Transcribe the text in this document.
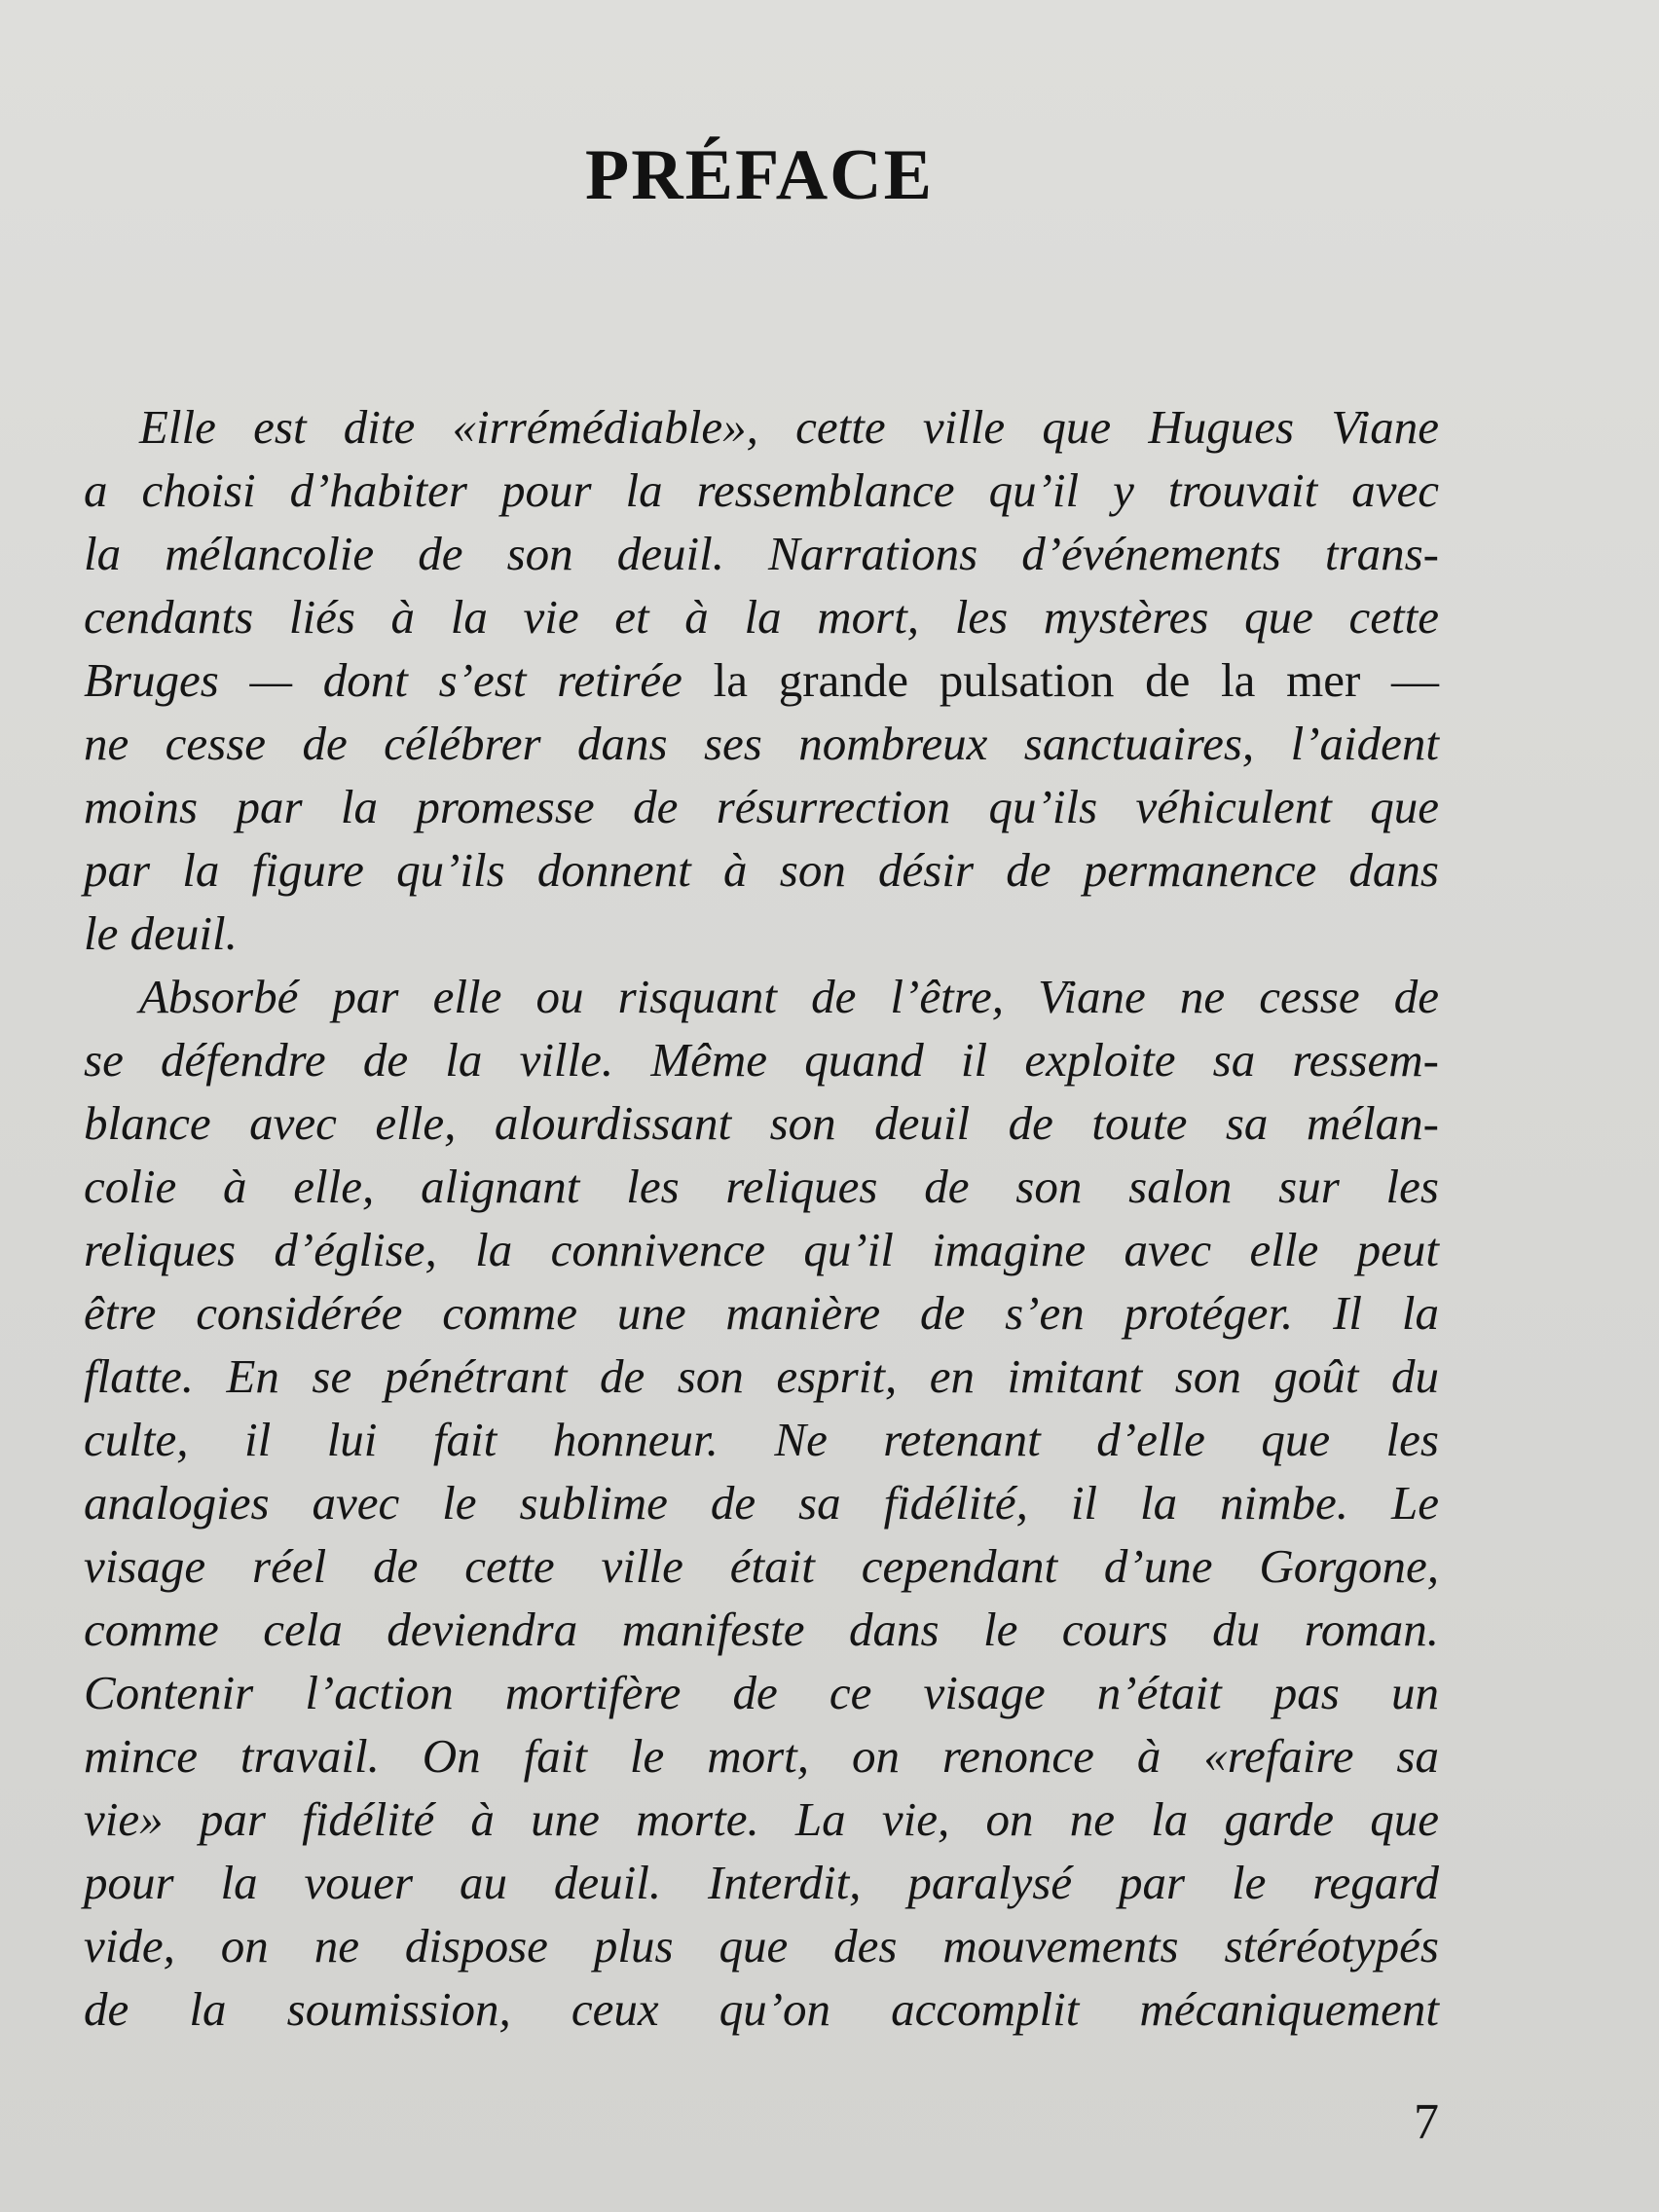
PRÉFACE
Elle est dite «irrémédiable», cette ville que Hugues Viane
a choisi d’habiter pour la ressemblance qu’il y trouvait avec
la mélancolie de son deuil. Narrations d’événements trans-
cendants liés à la vie et à la mort, les mystères que cette
Bruges — dont s’est retirée la grande pulsation de la mer —
ne cesse de célébrer dans ses nombreux sanctuaires, l’aident
moins par la promesse de résurrection qu’ils véhiculent que
par la figure qu’ils donnent à son désir de permanence dans
le deuil.
Absorbé par elle ou risquant de l’être, Viane ne cesse de
se défendre de la ville. Même quand il exploite sa ressem-
blance avec elle, alourdissant son deuil de toute sa mélan-
colie à elle, alignant les reliques de son salon sur les
reliques d’église, la connivence qu’il imagine avec elle peut
être considérée comme une manière de s’en protéger. Il la
flatte. En se pénétrant de son esprit, en imitant son goût du
culte, il lui fait honneur. Ne retenant d’elle que les
analogies avec le sublime de sa fidélité, il la nimbe. Le
visage réel de cette ville était cependant d’une Gorgone,
comme cela deviendra manifeste dans le cours du roman.
Contenir l’action mortifère de ce visage n’était pas un
mince travail. On fait le mort, on renonce à «refaire sa
vie» par fidélité à une morte. La vie, on ne la garde que
pour la vouer au deuil. Interdit, paralysé par le regard
vide, on ne dispose plus que des mouvements stéréotypés
de la soumission, ceux qu’on accomplit mécaniquement
7
